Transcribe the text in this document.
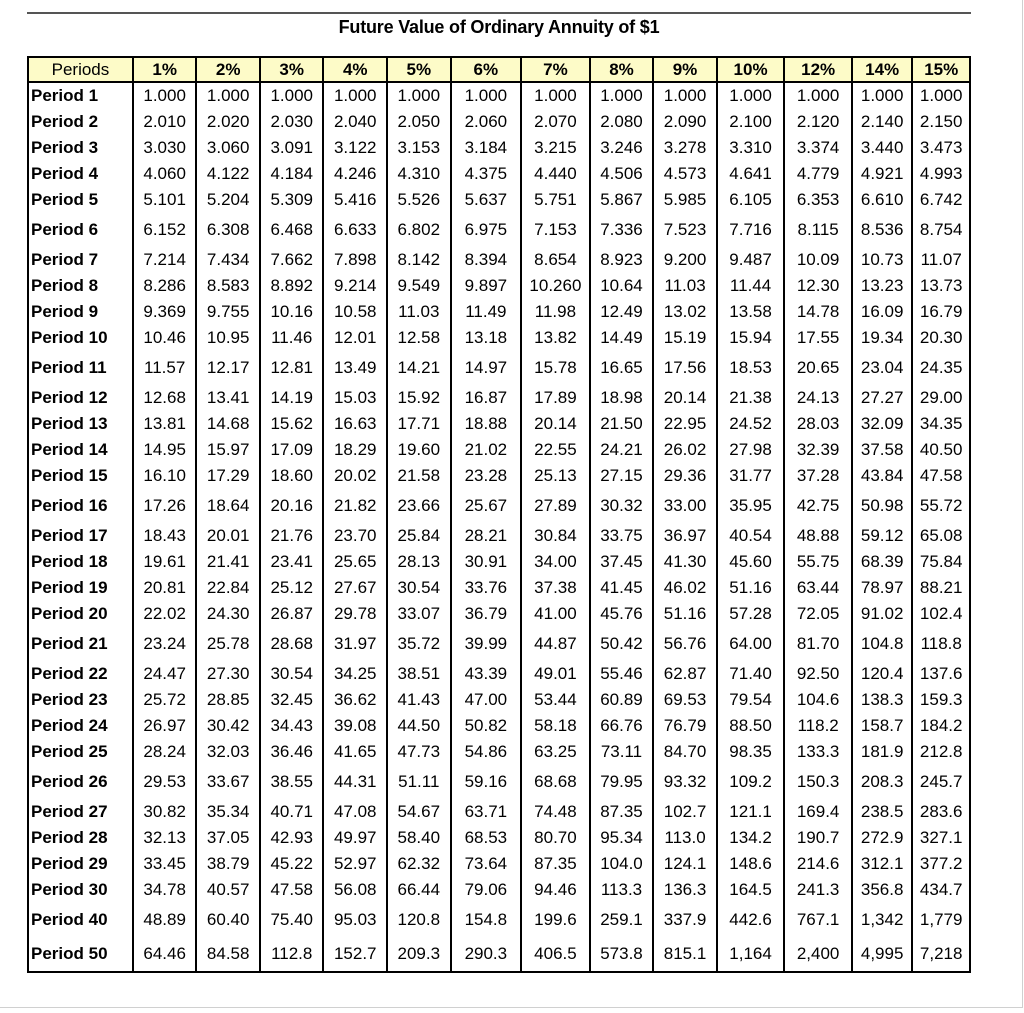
Future Value of Ordinary Annuity of $1
Periods	1%	2%	3%	4%	5%	6%	7%	8%	9%	10%	12%	14%	15%
Period 1	1.000	1.000	1.000	1.000	1.000	1.000	1.000	1.000	1.000	1.000	1.000	1.000	1.000
Period 2	2.010	2.020	2.030	2.040	2.050	2.060	2.070	2.080	2.090	2.100	2.120	2.140	2.150
Period 3	3.030	3.060	3.091	3.122	3.153	3.184	3.215	3.246	3.278	3.310	3.374	3.440	3.473
Period 4	4.060	4.122	4.184	4.246	4.310	4.375	4.440	4.506	4.573	4.641	4.779	4.921	4.993
Period 5	5.101	5.204	5.309	5.416	5.526	5.637	5.751	5.867	5.985	6.105	6.353	6.610	6.742
Period 6	6.152	6.308	6.468	6.633	6.802	6.975	7.153	7.336	7.523	7.716	8.115	8.536	8.754
Period 7	7.214	7.434	7.662	7.898	8.142	8.394	8.654	8.923	9.200	9.487	10.09	10.73	11.07
Period 8	8.286	8.583	8.892	9.214	9.549	9.897	10.260	10.64	11.03	11.44	12.30	13.23	13.73
Period 9	9.369	9.755	10.16	10.58	11.03	11.49	11.98	12.49	13.02	13.58	14.78	16.09	16.79
Period 10	10.46	10.95	11.46	12.01	12.58	13.18	13.82	14.49	15.19	15.94	17.55	19.34	20.30
Period 11	11.57	12.17	12.81	13.49	14.21	14.97	15.78	16.65	17.56	18.53	20.65	23.04	24.35
Period 12	12.68	13.41	14.19	15.03	15.92	16.87	17.89	18.98	20.14	21.38	24.13	27.27	29.00
Period 13	13.81	14.68	15.62	16.63	17.71	18.88	20.14	21.50	22.95	24.52	28.03	32.09	34.35
Period 14	14.95	15.97	17.09	18.29	19.60	21.02	22.55	24.21	26.02	27.98	32.39	37.58	40.50
Period 15	16.10	17.29	18.60	20.02	21.58	23.28	25.13	27.15	29.36	31.77	37.28	43.84	47.58
Period 16	17.26	18.64	20.16	21.82	23.66	25.67	27.89	30.32	33.00	35.95	42.75	50.98	55.72
Period 17	18.43	20.01	21.76	23.70	25.84	28.21	30.84	33.75	36.97	40.54	48.88	59.12	65.08
Period 18	19.61	21.41	23.41	25.65	28.13	30.91	34.00	37.45	41.30	45.60	55.75	68.39	75.84
Period 19	20.81	22.84	25.12	27.67	30.54	33.76	37.38	41.45	46.02	51.16	63.44	78.97	88.21
Period 20	22.02	24.30	26.87	29.78	33.07	36.79	41.00	45.76	51.16	57.28	72.05	91.02	102.4
Period 21	23.24	25.78	28.68	31.97	35.72	39.99	44.87	50.42	56.76	64.00	81.70	104.8	118.8
Period 22	24.47	27.30	30.54	34.25	38.51	43.39	49.01	55.46	62.87	71.40	92.50	120.4	137.6
Period 23	25.72	28.85	32.45	36.62	41.43	47.00	53.44	60.89	69.53	79.54	104.6	138.3	159.3
Period 24	26.97	30.42	34.43	39.08	44.50	50.82	58.18	66.76	76.79	88.50	118.2	158.7	184.2
Period 25	28.24	32.03	36.46	41.65	47.73	54.86	63.25	73.11	84.70	98.35	133.3	181.9	212.8
Period 26	29.53	33.67	38.55	44.31	51.11	59.16	68.68	79.95	93.32	109.2	150.3	208.3	245.7
Period 27	30.82	35.34	40.71	47.08	54.67	63.71	74.48	87.35	102.7	121.1	169.4	238.5	283.6
Period 28	32.13	37.05	42.93	49.97	58.40	68.53	80.70	95.34	113.0	134.2	190.7	272.9	327.1
Period 29	33.45	38.79	45.22	52.97	62.32	73.64	87.35	104.0	124.1	148.6	214.6	312.1	377.2
Period 30	34.78	40.57	47.58	56.08	66.44	79.06	94.46	113.3	136.3	164.5	241.3	356.8	434.7
Period 40	48.89	60.40	75.40	95.03	120.8	154.8	199.6	259.1	337.9	442.6	767.1	1,342	1,779
Period 50	64.46	84.58	112.8	152.7	209.3	290.3	406.5	573.8	815.1	1,164	2,400	4,995	7,218
